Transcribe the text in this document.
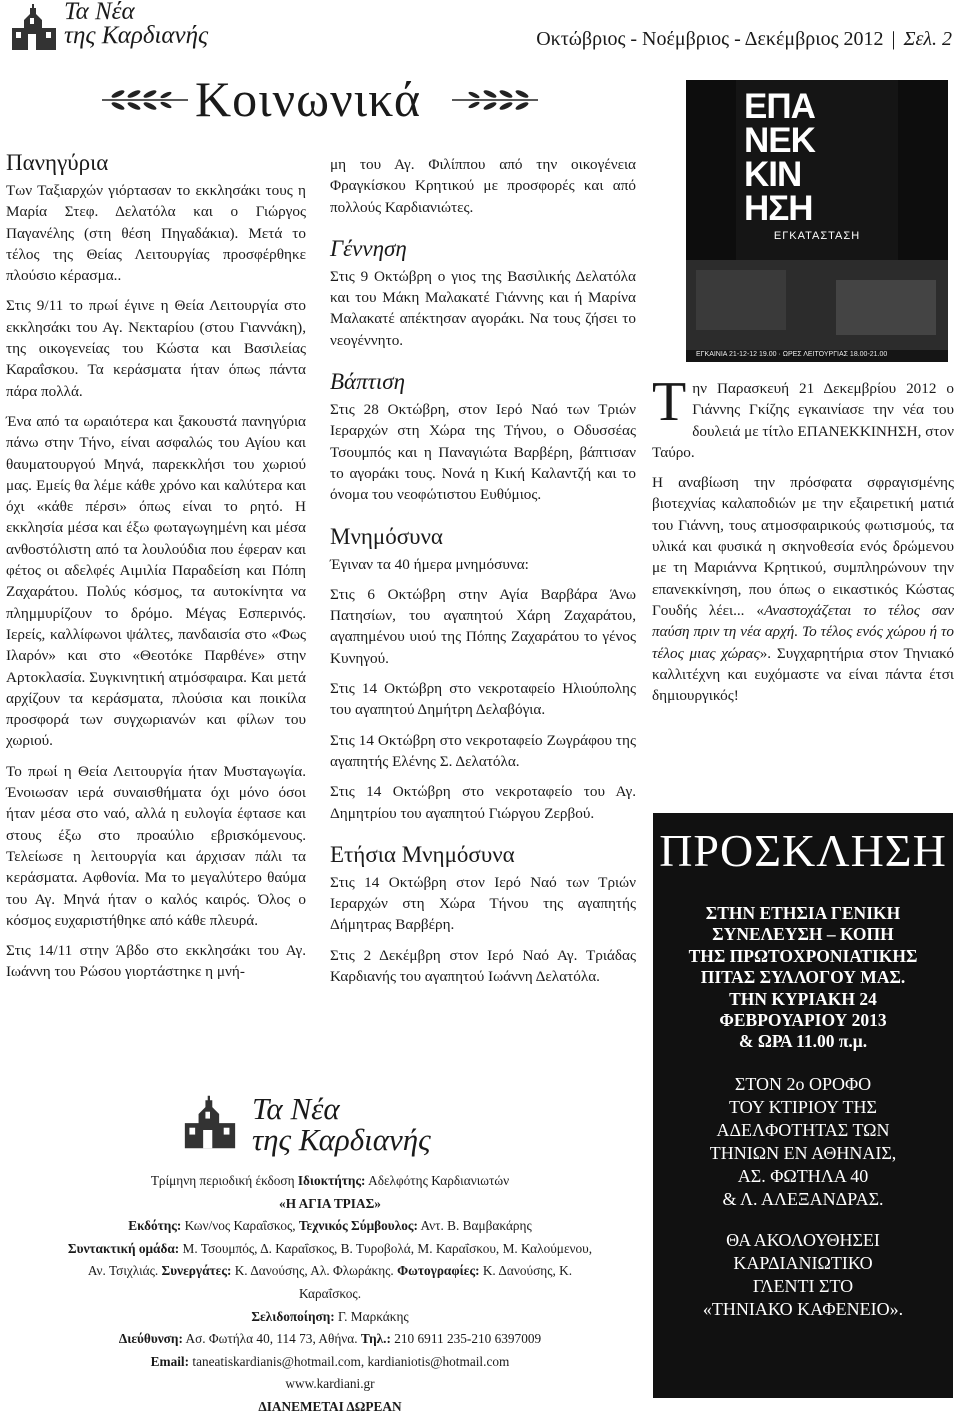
Τα Νέα
της Καρδιανής	Οκτώβριος - Νοέμβριος - Δεκέμβριος 2012 | Σελ. 2
Κοινωνικά
Πανηγύρια

Των Ταξιαρχών γιόρτασαν το εκκλησάκι τους η Μαρία Στεφ. Δελατόλα και ο Γιώργος Παγανέλης (στη θέση Πηγαδάκια). Μετά το τέλος της Θείας Λειτουργίας προσφέρθηκε πλούσιο κέρασμα..

Στις 9/11 το πρωί έγινε η Θεία Λειτουργία στο εκκλησάκι του Αγ. Νεκταρίου (στου Γιαννάκη), της οικογενείας του Κώστα και Βασιλείας Καραΐσκου. Τα κεράσματα ήταν όπως πάντα πάρα πολλά.

Ένα από τα ωραιότερα και ξακουστά πανηγύρια πάνω στην Τήνο, είναι ασφαλώς του Αγίου και θαυματουργού Μηνά, παρεκκλήσι του χωριού μας. Εμείς θα λέμε κάθε χρόνο και καλύτερα και όχι «κάθε πέρσι» όπως είναι το ρητό. Η εκκλησία μέσα και έξω φωταγωγημένη και μέσα ανθοστόλιστη από τα λουλούδια που έφεραν και φέτος οι αδελφές Αιμιλία Παραδείση και Πόπη Ζαχαράτου. Πολύς κόσμος, τα αυτοκίνητα να πλημμυρίζουν το δρόμο. Μέγας Εσπερινός. Ιερείς, καλλίφωνοι ψάλτες, πανδαισία στο «Φως Ιλαρόν» και στο «Θεοτόκε Παρθένε» στην Αρτοκλασία. Συγκινητική ατμόσφαιρα. Και μετά αρχίζουν τα κεράσματα, πλούσια και ποικίλα προσφορά των συγχωριανών και φίλων του χωριού.

Το πρωί η Θεία Λειτουργία ήταν Μυσταγωγία. Ένοιωσαν ιερά συναισθήματα όχι μόνο όσοι ήταν μέσα στο ναό, αλλά η ευλογία έφτασε και στους έξω στο προαύλιο εβρισκόμενους. Τελείωσε η λειτουργία και άρχισαν πάλι τα κεράσματα. Αφθονία. Μα το μεγαλύτερο θαύμα του Αγ. Μηνά ήταν ο καλός καιρός. Όλος ο κόσμος ευχαριστήθηκε από κάθε πλευρά.

Στις 14/11 στην Άβδο στο εκκλησάκι του Αγ. Ιωάννη του Ρώσου γιορτάστηκε η μνή-

μη του Αγ. Φιλίππου από την οικογένεια Φραγκίσκου Κρητικού με προσφορές και από πολλούς Καρδιανιώτες.

Γέννηση

Στις 9 Οκτώβρη ο γιος της Βασιλικής Δελατόλα και του Μάκη Μαλακατέ Γιάννης και ή Μαρίνα Μαλακατέ απέκτησαν αγοράκι. Να τους ζήσει το νεογέννητο.

Βάπτιση

Στις 28 Οκτώβρη, στον Ιερό Ναό των Τριών Ιεραρχών στη Χώρα της Τήνου, ο Οδυσσέας Τσουμπός και η Παναγιώτα Βαρβέρη, βάπτισαν το αγοράκι τους. Νονά η Κική Καλαντζή και το όνομα του νεοφώτιστου Ευθύμιος.

Μνημόσυνα

Έγιναν τα 40 ήμερα μνημόσυνα:

Στις 6 Οκτώβρη στην Αγία Βαρβάρα Άνω Πατησίων, του αγαπητού Χάρη Ζαχαράτου, αγαπημένου υιού της Πόπης Ζαχαράτου το γένος Κυνηγού.

Στις 14 Οκτώβρη στο νεκροταφείο Ηλιούπολης του αγαπητού Δημήτρη Δελαβόγια.

Στις 14 Οκτώβρη στο νεκροταφείο Ζωγράφου της αγαπητής Ελένης Σ. Δελατόλα.

Στις 14 Οκτώβρη στο νεκροταφείο του Αγ. Δημητρίου του αγαπητού Γιώργου Ζερβού.

Ετήσια Μνημόσυνα

Στις 14 Οκτώβρη στον Ιερό Ναό των Τριών Ιεραρχών στη Χώρα Τήνου της αγαπητής Δήμητρας Βαρβέρη.

Στις 2 Δεκέμβρη στον Ιερό Ναό Αγ. Τριάδας Καρδιανής του αγαπητού Ιωάννη Δελατόλα.

ΕΠΑ
ΝΕΚ
ΚΙΝ
ΗΣΗ
ΕΓΚΑΤΑΣΤΑΣΗ
ΕΓΚΑΙΝΙΑ 21-12-12 19.00 · ΩΡΕΣ ΛΕΙΤΟΥΡΓΙΑΣ 18.00-21.00

Την Παρασκευή 21 Δεκεμβρίου 2012 ο Γιάννης Γκίζης εγκαινίασε την νέα του δουλειά με τίτλο ΕΠΑΝΕΚΚΙΝΗΣΗ, στον Ταύρο.

Η αναβίωση την πρόσφατα σφραγισμένης βιοτεχνίας καλαποδιών με την εξαιρετική ματιά του Γιάννη, τους ατμοσφαιρικούς φωτισμούς, τα υλικά και φυσικά η σκηνοθεσία ενός δρώμενου με τη Μαριάννα Κρητικού, συμπληρώνουν την επανεκκίνηση, που όπως ο εικαστικός Κώστας Γουδής λέει... «Αναστοχάζεται το τέλος σαν παύση πριν τη νέα αρχή. Το τέλος ενός χώρου ή το τέλος μιας χώρας». Συγχαρητήρια στον Τηνιακό καλλιτέχνη και ευχόμαστε να είναι πάντα έτσι δημιουργικός!

ΠΡΟΣΚΛΗΣΗ
ΣΤΗΝ ΕΤΗΣΙΑ ΓΕΝΙΚΗ
ΣΥΝΕΛΕΥΣΗ – ΚΟΠΗ
ΤΗΣ ΠΡΩΤΟΧΡΟΝΙΑΤΙΚΗΣ
ΠΙΤΑΣ ΣΥΛΛΟΓΟΥ ΜΑΣ.
ΤΗΝ ΚΥΡΙΑΚΗ 24
ΦΕΒΡΟΥΑΡΙΟΥ 2013
& ΩΡΑ 11.00 π.μ.
ΣΤΟΝ 2ο ΟΡΟΦΟ
ΤΟΥ ΚΤΙΡΙΟΥ ΤΗΣ
ΑΔΕΛΦΟΤΗΤΑΣ ΤΩΝ
ΤΗΝΙΩΝ ΕΝ ΑΘΗΝΑΙΣ,
ΑΣ. ΦΩΤΗΛΑ 40
& Λ. ΑΛΕΞΑΝΔΡΑΣ.
ΘΑ ΑΚΟΛΟΥΘΗΣΕΙ
ΚΑΡΔΙΑΝΙΩΤΙΚΟ
ΓΛΕΝΤΙ ΣΤΟ
«ΤΗΝΙΑΚΟ ΚΑΦΕΝΕΙΟ».
Τα Νέα
της Καρδιανής
Τρίμηνη περιοδική έκδοση Ιδιοκτήτης: Αδελφότης Καρδιανιωτών
«Η ΑΓΙΑ ΤΡΙΑΣ»
Εκδότης: Κων/νος Καραΐσκος, Τεχνικός Σύμβουλος: Αντ. Β. Βαμβακάρης
Συντακτική ομάδα: Μ. Τσουμπός, Δ. Καραΐσκος, Β. Τυροβολά, Μ. Καραΐσκου, Μ. Καλούμενου,
Αν. Τσιχλιάς. Συνεργάτες: Κ. Δανούσης, Αλ. Φλωράκης. Φωτογραφίες: Κ. Δανούσης, Κ. Καραΐσκος.
Σελιδοποίηση: Γ. Μαρκάκης
Διεύθυνση: Ασ. Φωτήλα 40, 114 73, Αθήνα. Τηλ.: 210 6911 235-210 6397009
Email: taneatiskardianis@hotmail.com, kardianiotis@hotmail.com
www.kardiani.gr
ΔΙΑΝΕΜΕΤΑΙ ΔΩΡΕΑΝ
